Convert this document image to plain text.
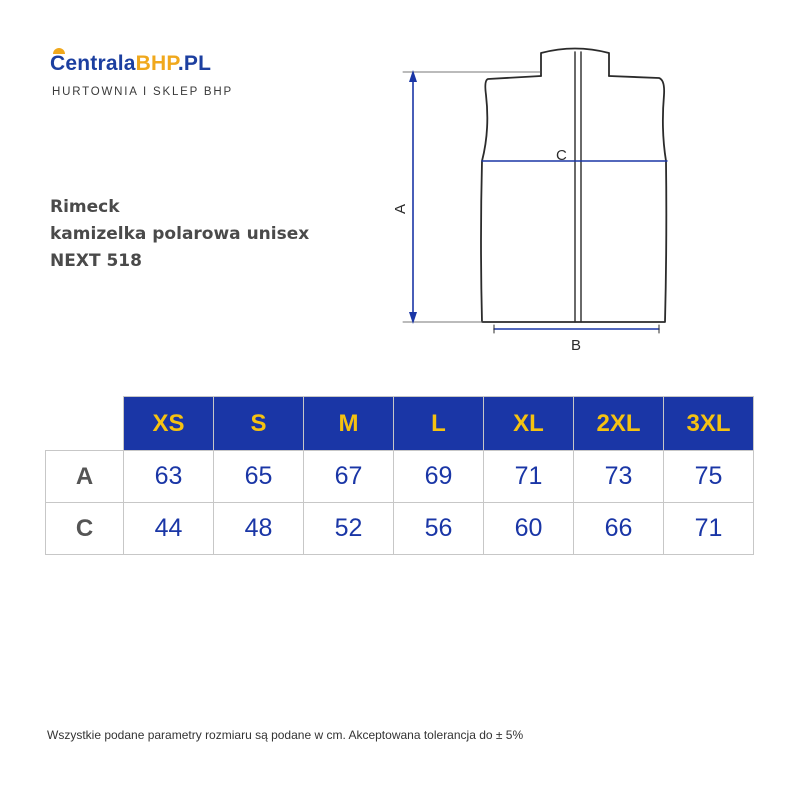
CentralaBHP.PL
HURTOWNIA I SKLEP BHP
Rimeck
kamizelka polarowa unisex
NEXT 518
C
B
A
	XS	S	M	L	XL	2XL	3XL
A	63	65	67	69	71	73	75
C	44	48	52	56	60	66	71
Wszystkie podane parametry rozmiaru są podane w cm. Akceptowana tolerancja do ± 5%
